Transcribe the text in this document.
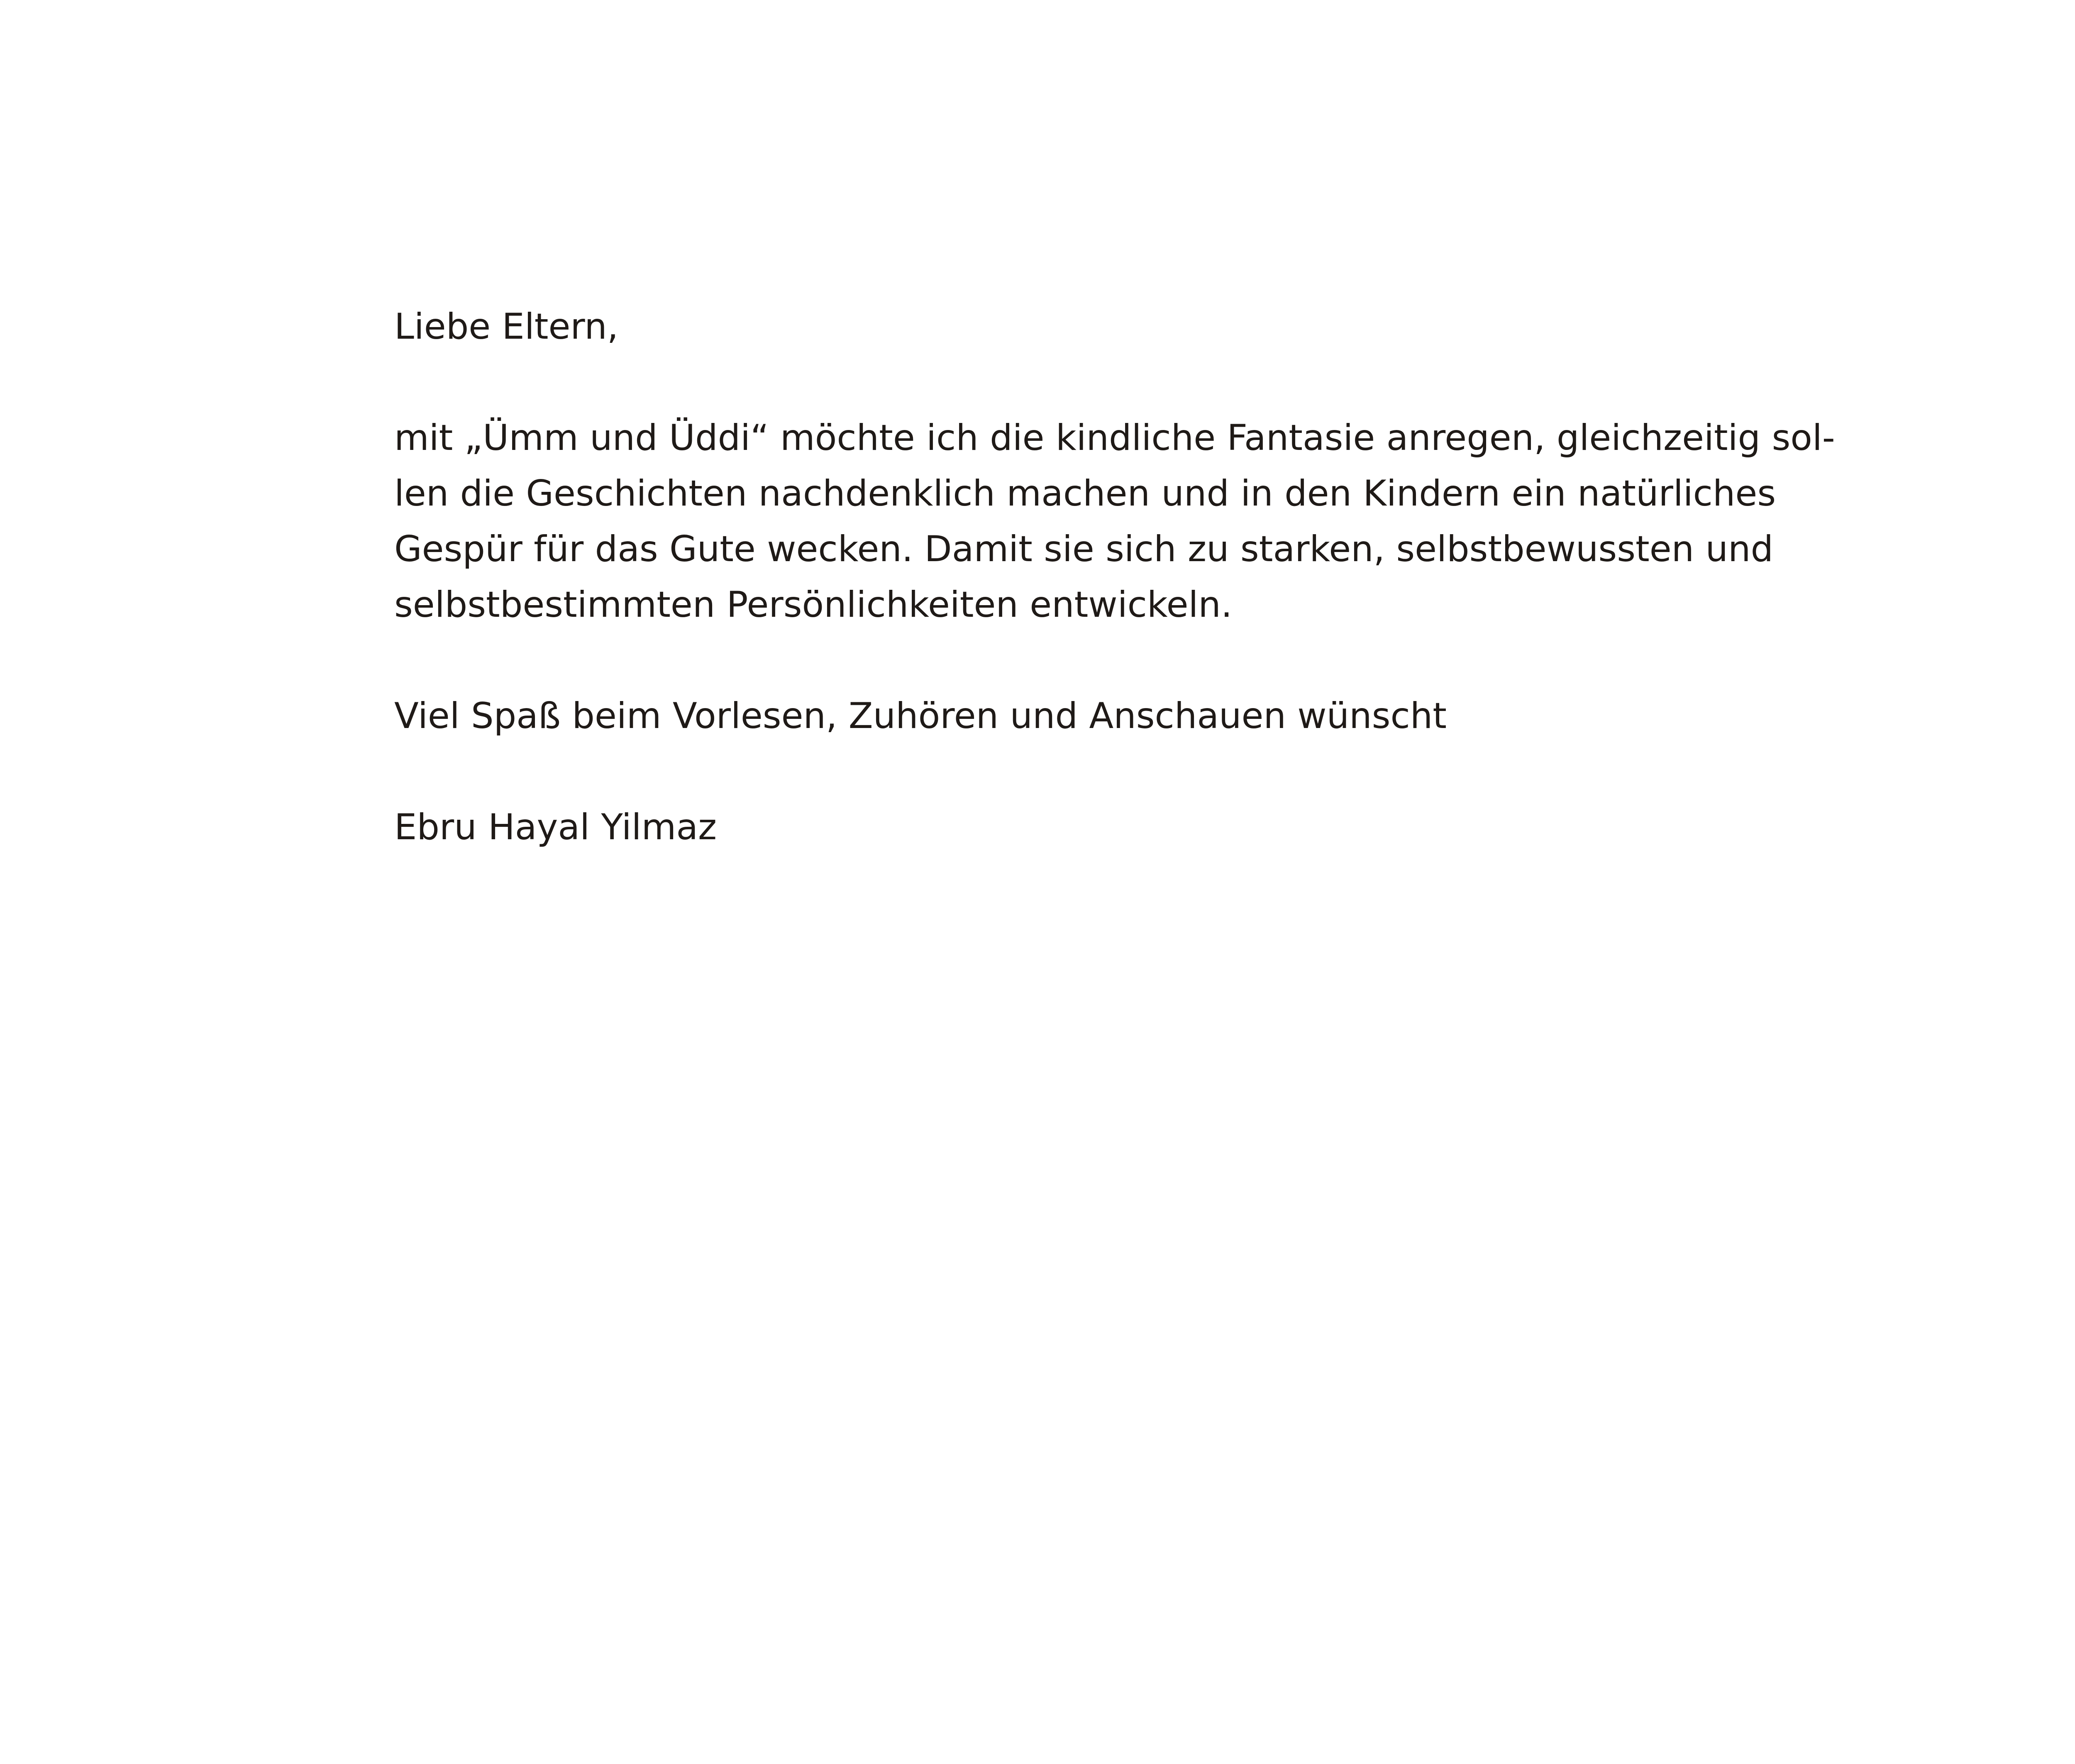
Liebe Eltern,

mit „Ümm und Üddi“ möchte ich die kindliche Fantasie anregen, gleichzeitig sol-
len die Geschichten nachdenklich machen und in den Kindern ein natürliches
Gespür für das Gute wecken. Damit sie sich zu starken, selbstbewussten und
selbstbestimmten Persönlichkeiten entwickeln.

Viel Spaß beim Vorlesen, Zuhören und Anschauen wünscht

Ebru Hayal Yilmaz
